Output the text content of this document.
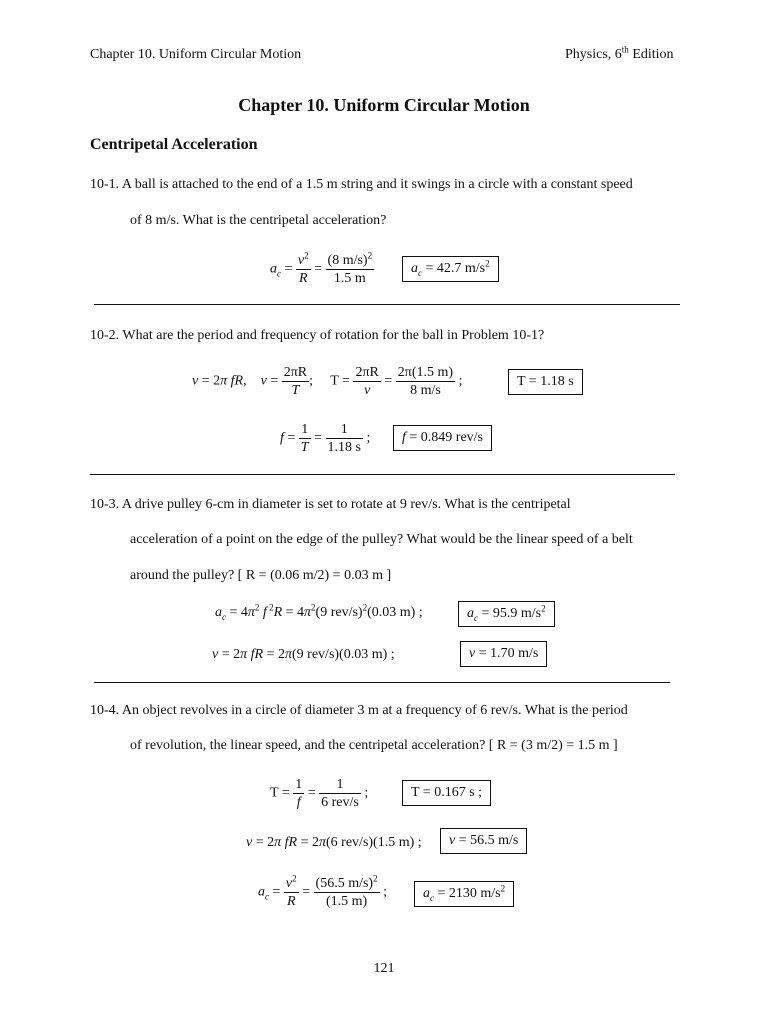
Chapter 10. Uniform Circular Motion	Physics, 6th Edition
Chapter 10. Uniform Circular Motion
Centripetal Acceleration
10-1. A ball is attached to the end of a 1.5 m string and it swings in a circle with a constant speed
of 8 m/s. What is the centripetal acceleration?
$a_c = \frac{v^2}{R} = \frac{(8 m/s)^2}{1.5 m}$	$a_c = 42.7$ $m/s^2$
10-2. What are the period and frequency of rotation for the ball in Problem 10-1?
v = 2π fR,    $v = \frac{2\pi R}{T}$ ;     $T = \frac{2\pi R}{v} = \frac{2\pi(1.5 m)}{8 m/s}$ ;	T = 1.18 s
$f = \frac{1}{T} = \frac{1}{1.18 s}$ ;	f = 0.849 rev/s
10-3. A drive pulley 6-cm in diameter is set to rotate at 9 rev/s. What is the centripetal
acceleration of a point on the edge of the pulley? What would be the linear speed of a belt
around the pulley? [ R = (0.06 m/2) = 0.03 m ]
$a_c = 4\pi^2$ f $^2R = 4\pi^2(9$ rev/s)$^2$(0.03 m) ;	$a_c = 95.9$ $m/s^2$
v = 2π fR = 2π(9 rev/s)(0.03 m) ;	v = 1.70 m/s
10-4. An object revolves in a circle of diameter 3 m at a frequency of 6 rev/s. What is the period
of revolution, the linear speed, and the centripetal acceleration? [ R = (3 m/2) = 1.5 m ]
$T = \frac{1}{f} = \frac{1}{\text{6 rev/s}}$ ;	T = 0.167 s ;
v = 2π fR = 2π(6 rev/s)(1.5 m) ;	v = 56.5 m/s
$a_c = \frac{v^2}{R} = \frac{(56.5 m/s)^2}{(1.5 m)}$ ;	$a_c = 2130$ $m/s^2$
121
